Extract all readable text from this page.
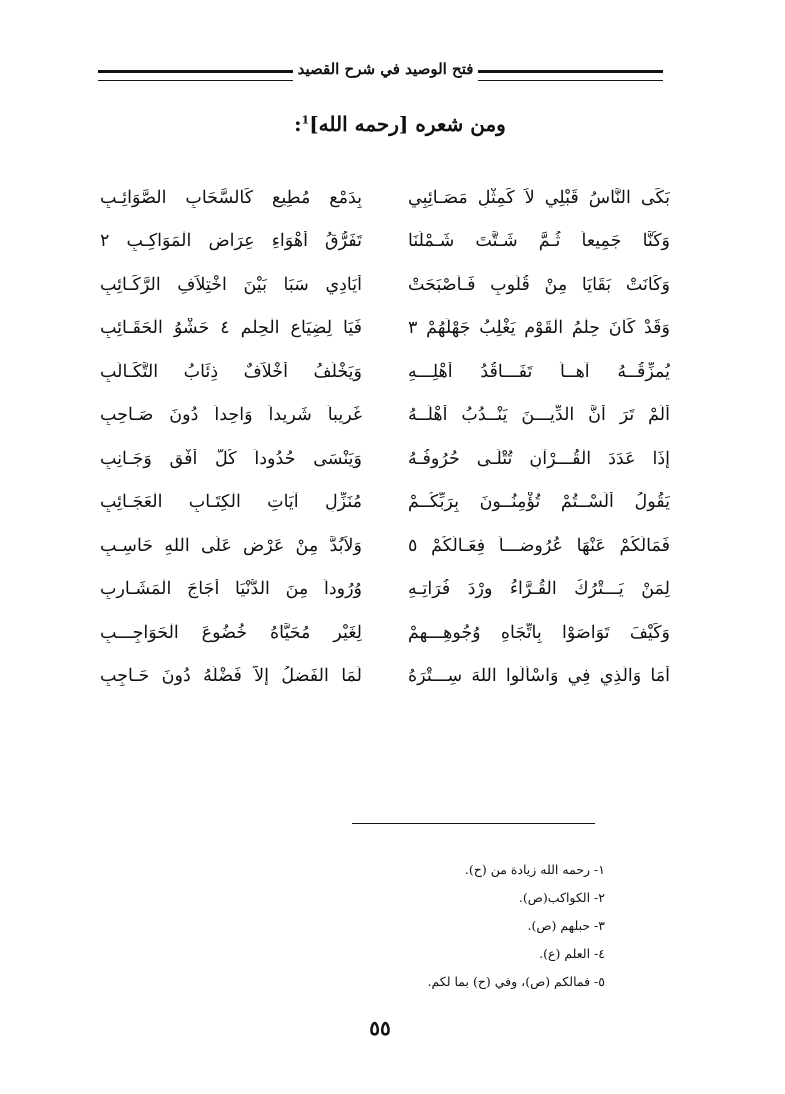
فتح الوصيد في شرح القصيد
ومن شعره [رحمه الله]$^1$:
بَكَى النَّاسُ قَبْلِي لاَ كَمِثْلِ مَصَـائِبِي
بِدَمْعٍ مُطِيعٍ كَالسَّحَابِ الصَّوَائِـبِ
وَكُنَّا جَمِيعاً ثُـمَّ شَـتَّتَ شَـمْلَنَا
تَفَرُّقُ أَهْوَاءِ عِرَاضِ الْمَوَاكِـبِ ٢
وَكَانَتْ بَقَايَا مِنْ قُلُوبٍ فَـأَصْبَحَتْ
أَيَادِي سَبَا بَيْنَ اخْتِلاَفِ الرَّكَـائِبِ
وَقَدْ كَانَ حِلْمُ الْقَوْمِ يَغْلِبُ جَهْلَهُمْ ٣
فَيَا لِضِيَاعِ الْحِلْمِ ٤ حَشْوُ الْحَقَـائِبِ
يُمزِّقُــهُ آهــاً تَفَـــاقُدُ أَهْلِـــهِ
وَيَخْلُفُ أَخْلاَفٌ ذِئَابُ التَّكَـالُبِ
أَلَمْ تَرَ أَنَّ الدِّيـــنَ يَنْــدُبُ أَهْلَــهُ
غَرِيباً شَرِيداً وَاحِداً دُونَ صَـاحِبِ
إِذَا عَدَدَ الْقُـــرْآنِ تُتْلَـى حُرُوفُـهُ
وَيَنْسَى حُدُوداً كُلَّ أُفْقٍ وَجَـانِبِ
يَقُولُ أَلَسْــتُمْ تُؤْمِنُــونَ بِرَبِّكُــمْ
مُنَزِّلِ آيَاتِ الْكِتَـابِ الْعَجَـائِبِ
فَمَالَكُمْ عَنْهَا عُرُوضـــاً فِعَـالُكُمْ ٥
وَلاَبُدَّ مِنْ عَرْضٍ عَلَى اللهِ حَاسِـبِ
لِمَنْ يَـــتْرُكُ الْقُـرَّاءُ وِرْدَ فُرَاتِـهِ
وُرُوداً مِنَ الدُّنْيَا أُجَاجَ الْمَشَـارِبِ
وَكَيْفَ تَوَاصَوْا بِاتِّجَاهِ وُجُوهِـــهِمْ
لِغَيْرِ مُحَيَّاهُ خُضُوعَ الْحَوَاجِـــبِ
أَمَا وَالَّذِي فِي وَاسْأَلُوا اللهَ سِـــتْرَهُ
لَمَا الفَضلُ إلاَّ فَضْلُهُ دُونَ حَـاجِبِ
١- رحمه الله زيادة من (ح).
٢- الكواكب(ص).
٣- حبلهم (ص).
٤- العلم (ع).
٥- فمالكم (ص)، وفي (ح) بما لكم.
٥٥
